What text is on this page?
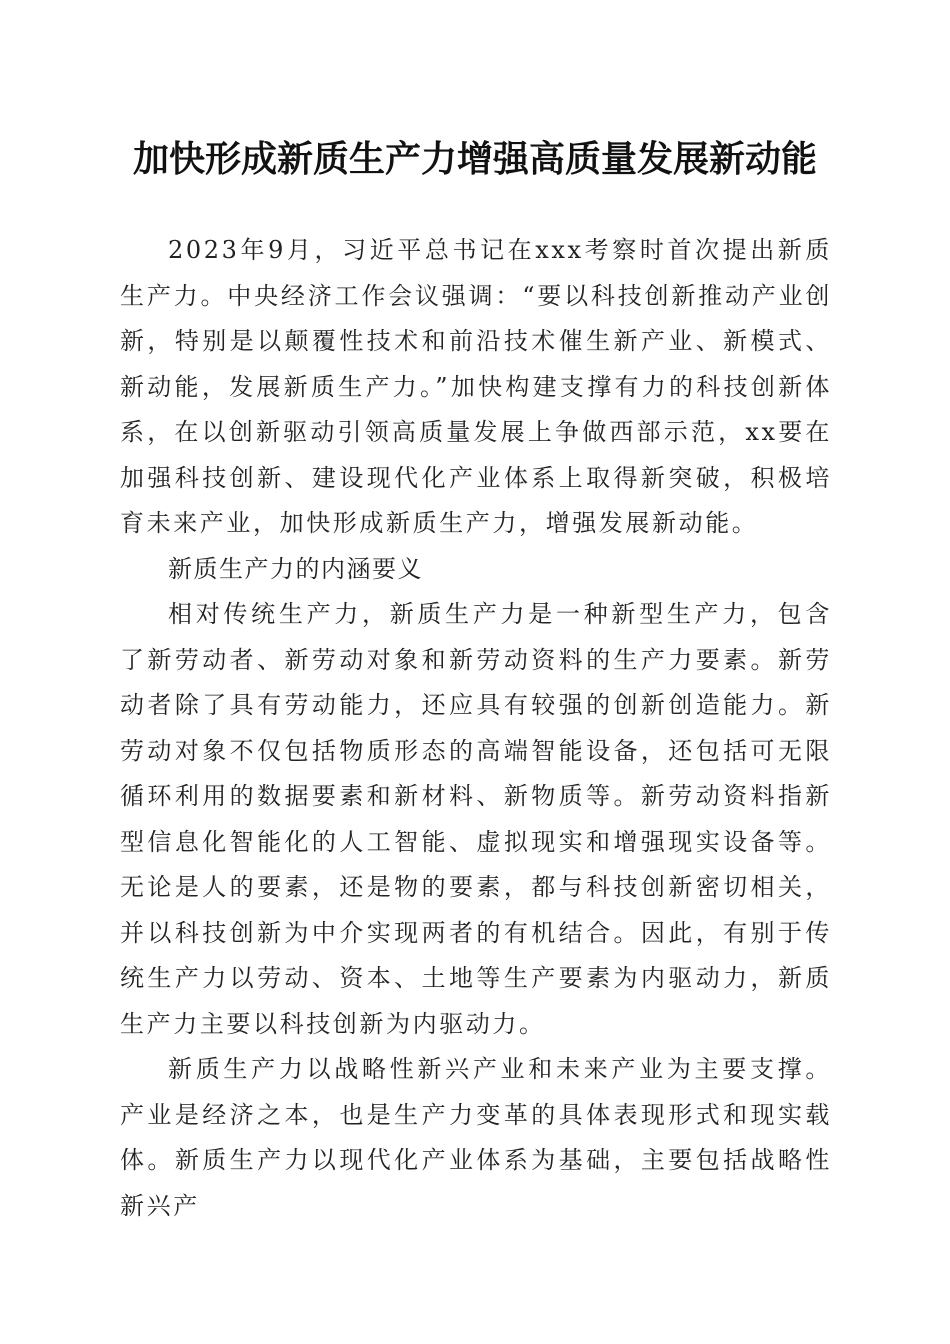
加快形成新质生产力增强高质量发展新动能

2023年9月，习近平总书记在xxx考察时首次提出新质生产力。中央经济工作会议强调：“要以科技创新推动产业创新，特别是以颠覆性技术和前沿技术催生新产业、新模式、新动能，发展新质生产力。”加快构建支撑有力的科技创新体系，在以创新驱动引领高质量发展上争做西部示范，xx要在加强科技创新、建设现代化产业体系上取得新突破，积极培育未来产业，加快形成新质生产力，增强发展新动能。

新质生产力的内涵要义

相对传统生产力，新质生产力是一种新型生产力，包含了新劳动者、新劳动对象和新劳动资料的生产力要素。新劳动者除了具有劳动能力，还应具有较强的创新创造能力。新劳动对象不仅包括物质形态的高端智能设备，还包括可无限循环利用的数据要素和新材料、新物质等。新劳动资料指新型信息化智能化的人工智能、虚拟现实和增强现实设备等。无论是人的要素，还是物的要素，都与科技创新密切相关，并以科技创新为中介实现两者的有机结合。因此，有别于传统生产力以劳动、资本、土地等生产要素为内驱动力，新质生产力主要以科技创新为内驱动力。

新质生产力以战略性新兴产业和未来产业为主要支撑。产业是经济之本，也是生产力变革的具体表现形式和现实载体。新质生产力以现代化产业体系为基础，主要包括战略性新兴产
